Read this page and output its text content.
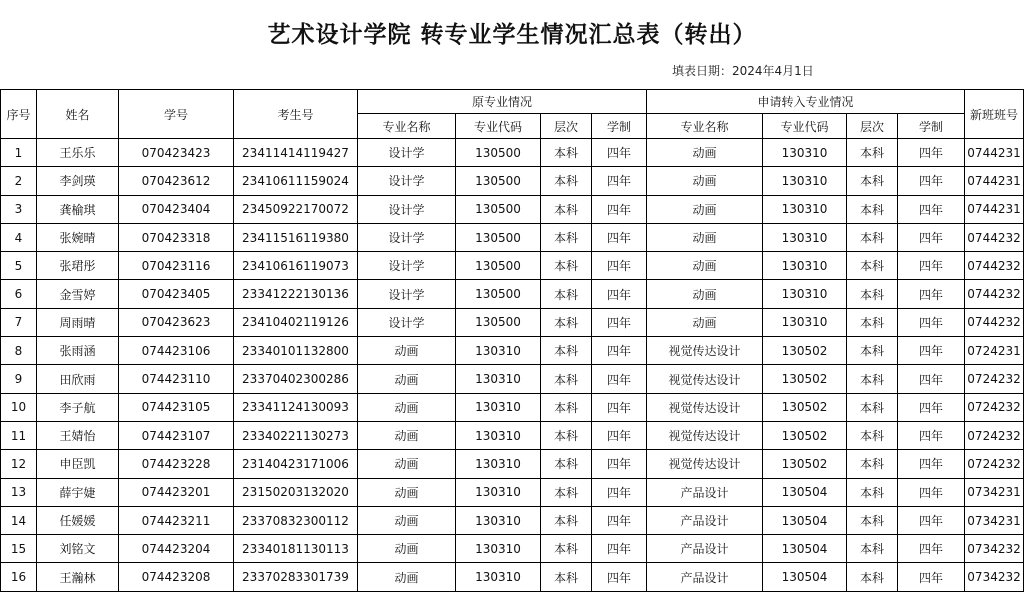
艺术设计学院 转专业学生情况汇总表（转出）
填表日期：2024年4月1日
序号	姓名	学号	考生号	原专业情况				申请转入专业情况				新班班号
				专业名称	专业代码	层次	学制	专业名称	专业代码	层次	学制	
1	王乐乐	070423423	23411414119427	设计学	130500	本科	四年	动画	130310	本科	四年	0744231
2	李剑瑛	070423612	23410611159024	设计学	130500	本科	四年	动画	130310	本科	四年	0744231
3	龚榆琪	070423404	23450922170072	设计学	130500	本科	四年	动画	130310	本科	四年	0744231
4	张婉晴	070423318	23411516119380	设计学	130500	本科	四年	动画	130310	本科	四年	0744232
5	张珺彤	070423116	23410616119073	设计学	130500	本科	四年	动画	130310	本科	四年	0744232
6	金雪婷	070423405	23341222130136	设计学	130500	本科	四年	动画	130310	本科	四年	0744232
7	周雨晴	070423623	23410402119126	设计学	130500	本科	四年	动画	130310	本科	四年	0744232
8	张雨涵	074423106	23340101132800	动画	130310	本科	四年	视觉传达设计	130502	本科	四年	0724231
9	田欣雨	074423110	23370402300286	动画	130310	本科	四年	视觉传达设计	130502	本科	四年	0724232
10	李子航	074423105	23341124130093	动画	130310	本科	四年	视觉传达设计	130502	本科	四年	0724232
11	王婧怡	074423107	23340221130273	动画	130310	本科	四年	视觉传达设计	130502	本科	四年	0724232
12	申臣凯	074423228	23140423171006	动画	130310	本科	四年	视觉传达设计	130502	本科	四年	0724232
13	薛宇婕	074423201	23150203132020	动画	130310	本科	四年	产品设计	130504	本科	四年	0734231
14	任媛媛	074423211	23370832300112	动画	130310	本科	四年	产品设计	130504	本科	四年	0734231
15	刘铭文	074423204	23340181130113	动画	130310	本科	四年	产品设计	130504	本科	四年	0734232
16	王瀚林	074423208	23370283301739	动画	130310	本科	四年	产品设计	130504	本科	四年	0734232
